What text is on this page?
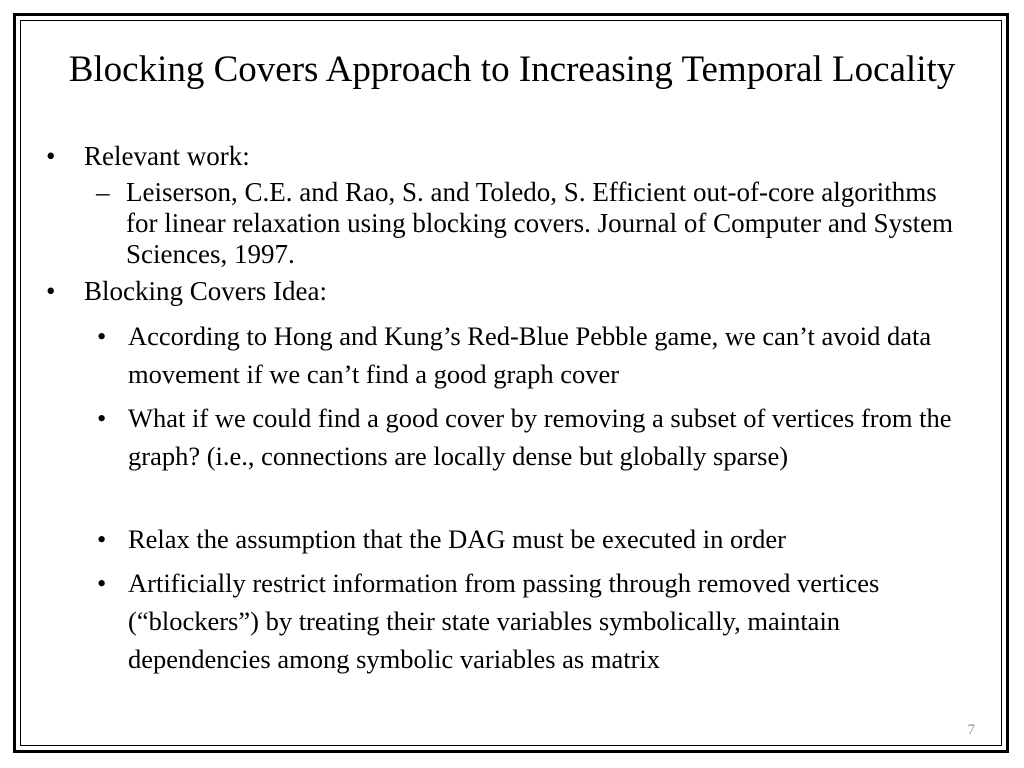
Blocking Covers Approach to Increasing Temporal Locality
•	Relevant work:
– Leiserson, C.E. and Rao, S. and Toledo, S. Efficient out-of-core algorithms for linear relaxation using blocking covers. Journal of Computer and System Sciences, 1997.
•	Blocking Covers Idea:
• According to Hong and Kung’s Red-Blue Pebble game, we can’t avoid data movement if we can’t find a good graph cover
• What if we could find a good cover by removing a subset of vertices from the graph? (i.e., connections are locally dense but globally sparse)
• Relax the assumption that the DAG must be executed in order
• Artificially restrict information from passing through removed vertices (“blockers”) by treating their state variables symbolically, maintain dependencies among symbolic variables as matrix
7
